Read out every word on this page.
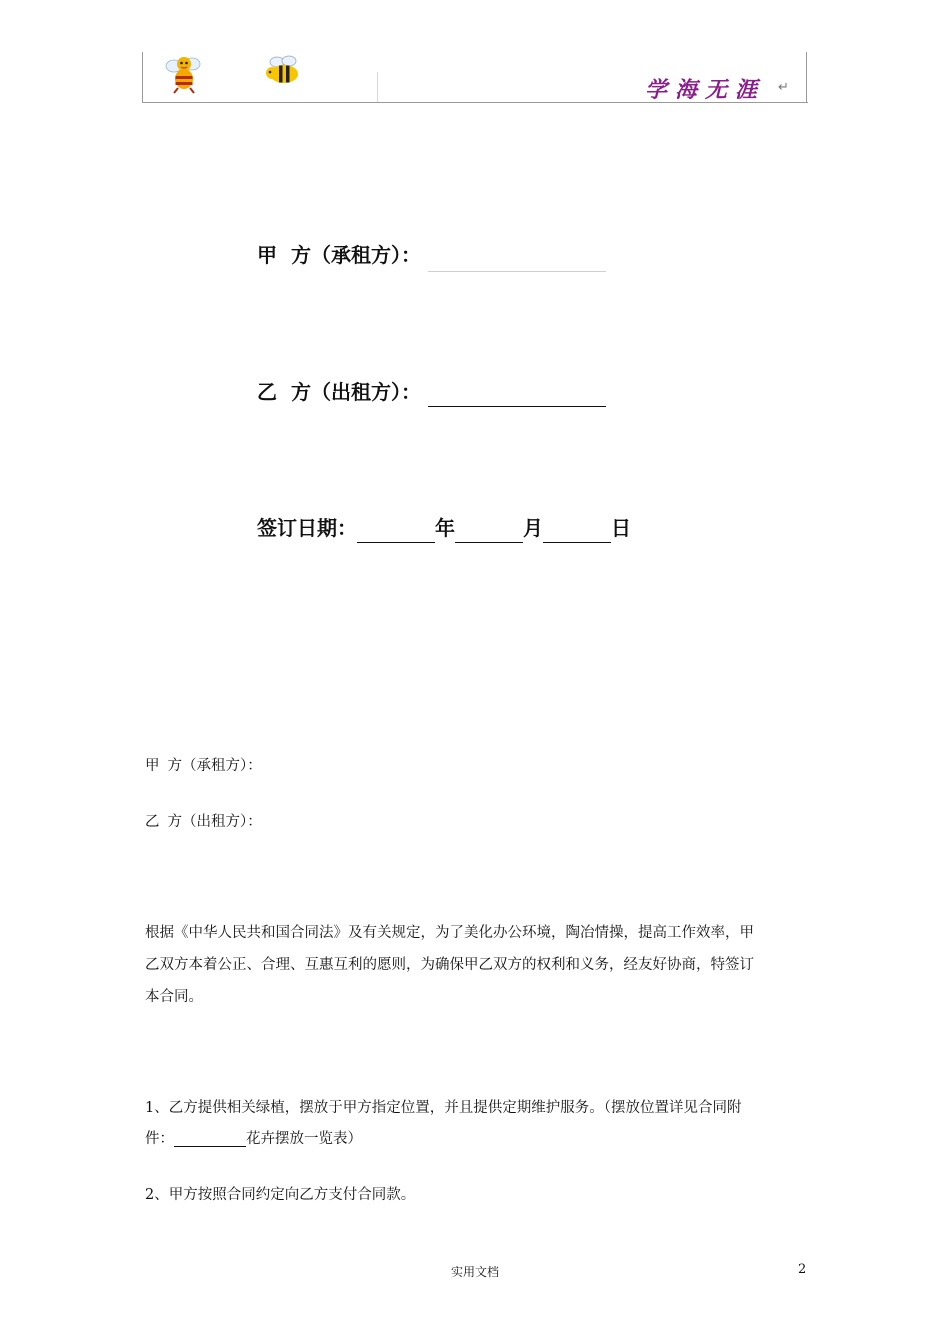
学海无涯 ↵
甲 方（承租方）：
乙 方（出租方）：
签订日期：	年	月	日
甲 方（承租方）：
乙 方（出租方）：
根据《中华人民共和国合同法》及有关规定，为了美化办公环境，陶冶情操，提高工作效率，甲
乙双方本着公正、合理、互惠互利的愿则，为确保甲乙双方的权利和义务，经友好协商，特签订
本合同。
1、乙方提供相关绿植，摆放于甲方指定位置，并且提供定期维护服务。（摆放位置详见合同附
件：	花卉摆放一览表）
2、甲方按照合同约定向乙方支付合同款。
实用文档	2
